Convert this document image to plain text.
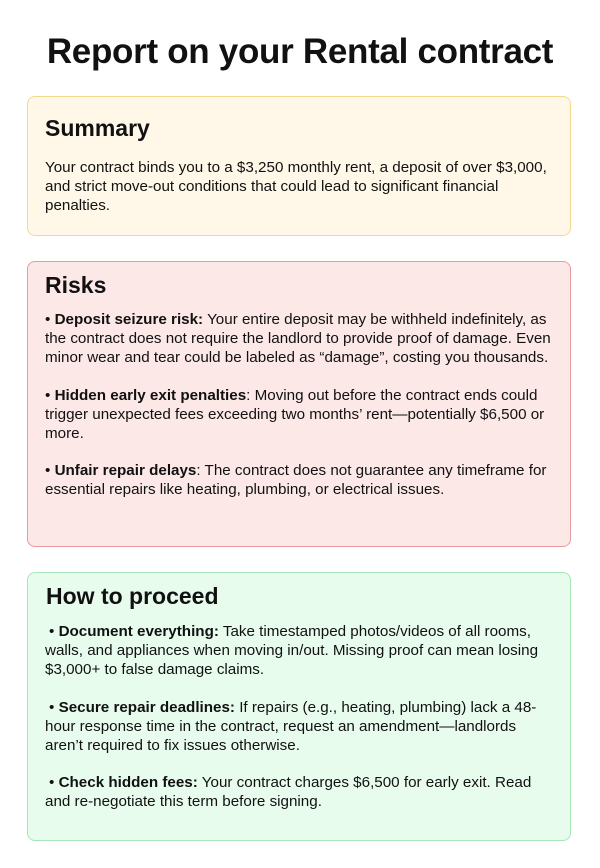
Report on your Rental contract
Summary

Your contract binds you to a $3,250 monthly rent, a deposit of over $3,000, and strict move-out conditions that could lead to significant financial penalties.

Risks

• Deposit seizure risk: Your entire deposit may be withheld indefinitely, as the contract does not require the landlord to provide proof of damage. Even minor wear and tear could be labeled as “damage”, costing you thousands.

• Hidden early exit penalties: Moving out before the contract ends could trigger unexpected fees exceeding two months’ rent—potentially $6,500 or more.

• Unfair repair delays: The contract does not guarantee any timeframe for essential repairs like heating, plumbing, or electrical issues.

How to proceed

• Document everything: Take timestamped photos/videos of all rooms, walls, and appliances when moving in/out. Missing proof can mean losing $3,000+ to false damage claims.

• Secure repair deadlines: If repairs (e.g., heating, plumbing) lack a 48-hour response time in the contract, request an amendment—landlords aren’t required to fix issues otherwise.

• Check hidden fees: Your contract charges $6,500 for early exit. Read and re-negotiate this term before signing.
